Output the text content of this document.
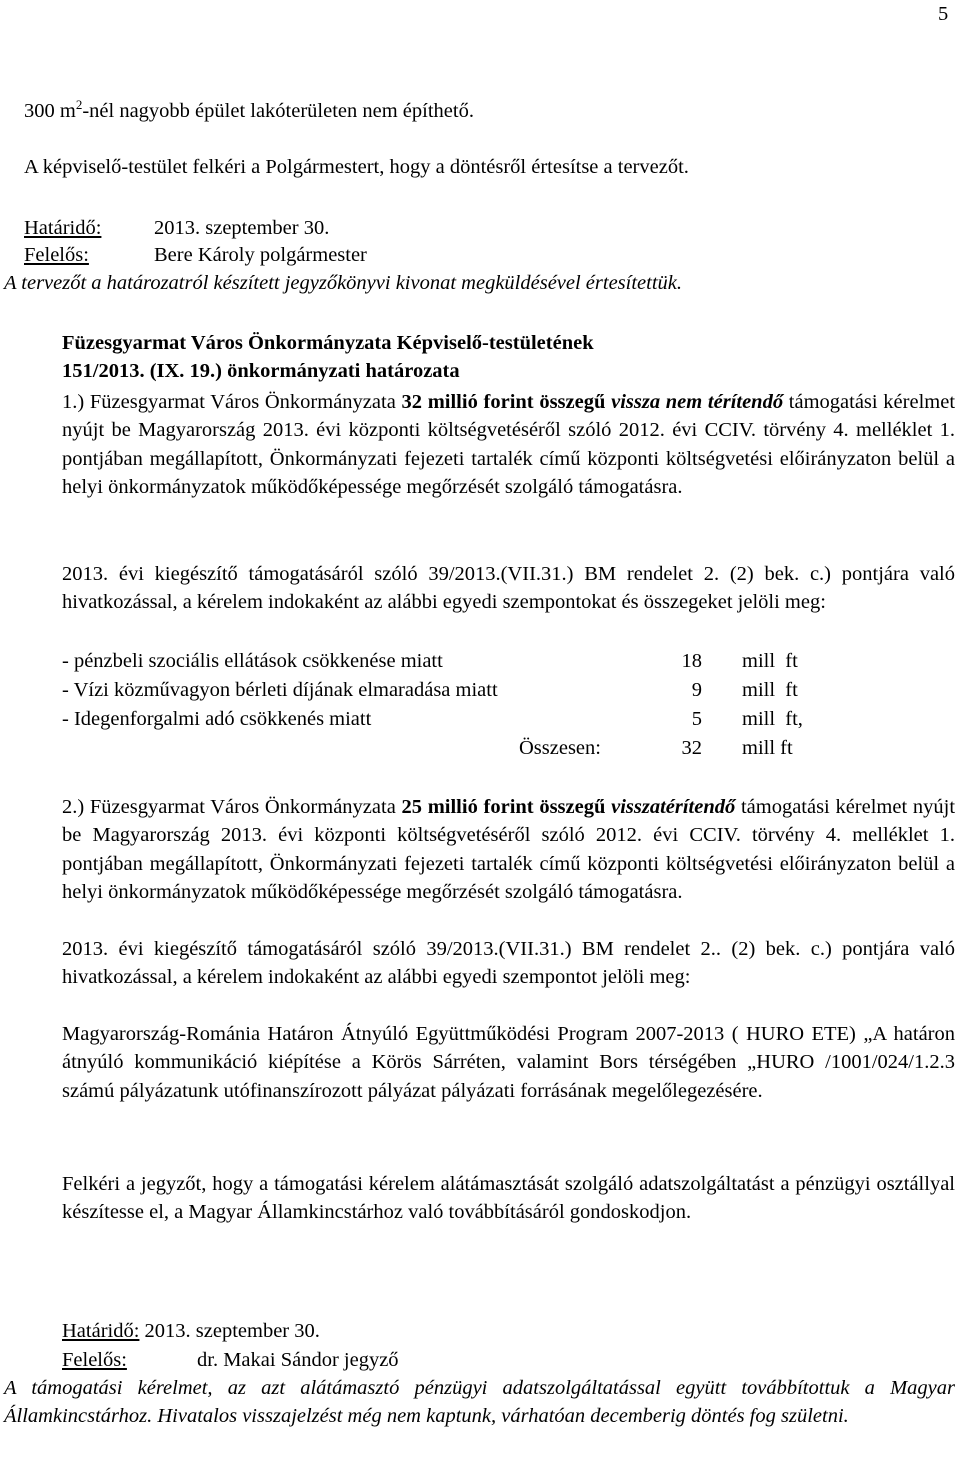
5
300 $m^2$-nél nagyobb épület lakóterületen nem építhető.
A képviselő-testület felkéri a Polgármestert, hogy a döntésről értesítse a tervezőt.
Határidő:	2013. szeptember 30.
Felelős:	Bere Károly polgármester
A tervezőt a határozatról készített jegyzőkönyvi kivonat megküldésével értesítettük.
Füzesgyarmat Város Önkormányzata Képviselő-testületének
151/2013. (IX. 19.) önkormányzati határozata

1.) Füzesgyarmat Város Önkormányzata 32 millió forint összegű vissza nem térítendő támogatási kérelmet nyújt be Magyarország 2013. évi központi költségvetéséről szóló 2012. évi CCIV. törvény 4. melléklet 1. pontjában megállapított, Önkormányzati fejezeti tartalék című központi költségvetési előirányzaton belül a helyi önkormányzatok működőképessége megőrzését szolgáló támogatásra.

2013. évi kiegészítő támogatásáról szóló 39/2013.(VII.31.) BM rendelet 2. (2) bek. c.) pontjára való hivatkozással, a kérelem indokaként az alábbi egyedi szempontokat és összegeket jelöli meg:

- pénzbeli szociális ellátások csökkenése miatt	18 mill  ft
- Vízi közművagyon bérleti díjának elmaradása miatt	9 mill  ft
- Idegenforgalmi adó csökkenés miatt	5 mill  ft,
Összesen:	32 mill ft

2.) Füzesgyarmat Város Önkormányzata 25 millió forint összegű visszatérítendő támogatási kérelmet nyújt be Magyarország 2013. évi központi költségvetéséről szóló 2012. évi CCIV. törvény 4. melléklet 1. pontjában megállapított, Önkormányzati fejezeti tartalék című központi költségvetési előirányzaton belül a helyi önkormányzatok működőképessége megőrzését szolgáló támogatásra.

2013. évi kiegészítő támogatásáról szóló 39/2013.(VII.31.) BM rendelet 2.. (2) bek. c.) pontjára való hivatkozással, a kérelem indokaként az alábbi egyedi szempontot jelöli meg:

Magyarország-Románia Határon Átnyúló Együttműködési Program 2007-2013 ( HURO ETE) „A határon átnyúló kommunikáció kiépítése a Körös Sárréten, valamint Bors térségében „HURO /1001/024/1.2.3 számú pályázatunk utófinanszírozott pályázat pályázati forrásának megelőlegezésére.

Felkéri a jegyzőt, hogy a támogatási kérelem alátámasztását szolgáló adatszolgáltatást a pénzügyi osztállyal készítesse el, a Magyar Államkincstárhoz való továbbításáról gondoskodjon.

Határidő: 2013. szeptember 30.
Felelős:	dr. Makai Sándor jegyző

A támogatási kérelmet, az azt alátámasztó pénzügyi adatszolgáltatással együtt továbbítottuk a Magyar Államkincstárhoz. Hivatalos visszajelzést még nem kaptunk, várhatóan decemberig döntés fog születni.
